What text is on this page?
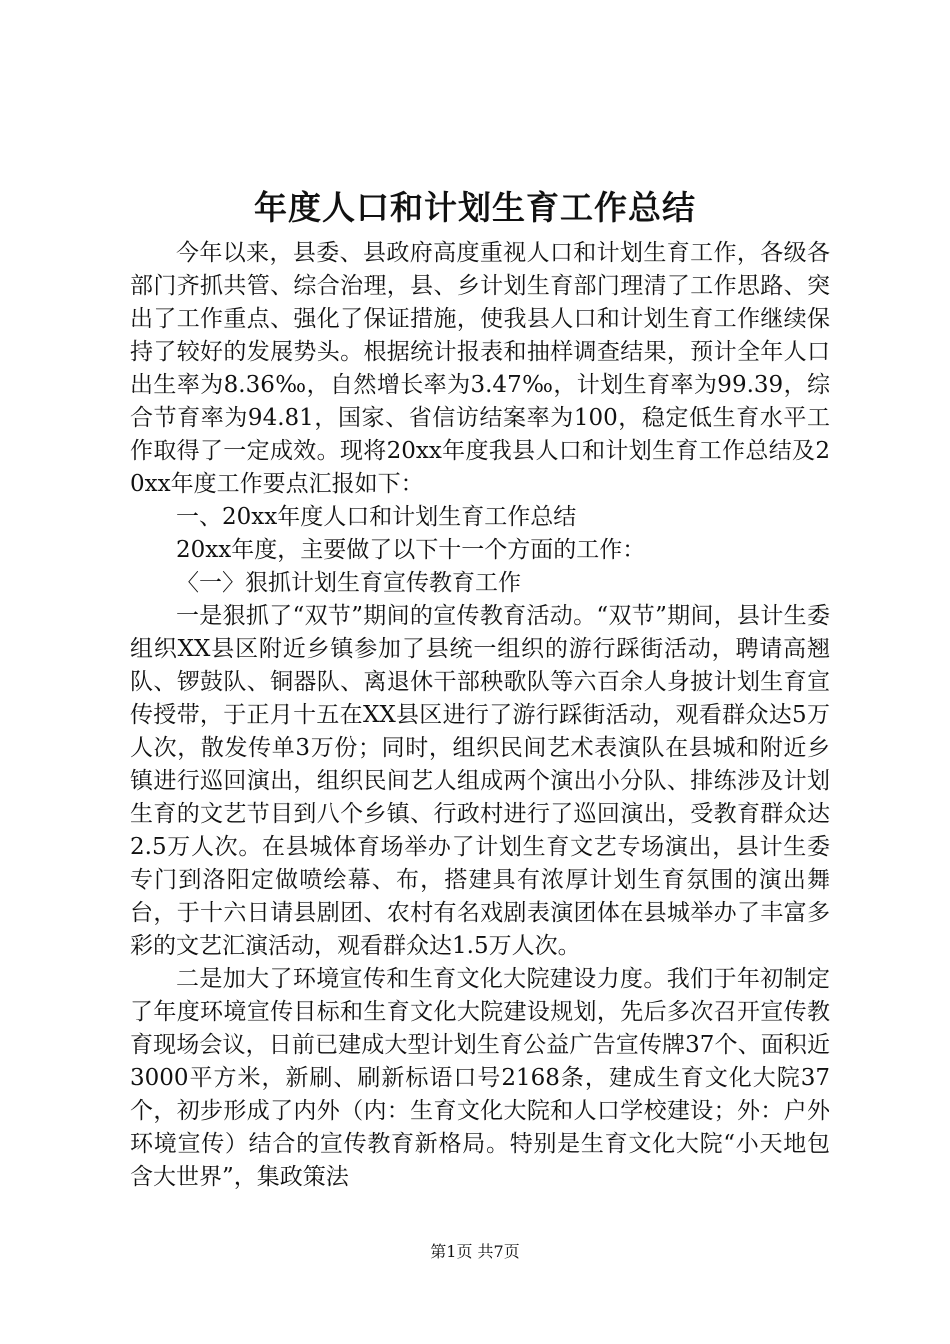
年度人口和计划生育工作总结

今年以来，县委、县政府高度重视人口和计划生育工作，各级各部门齐抓共管、综合治理，县、乡计划生育部门理清了工作思路、突出了工作重点、强化了保证措施，使我县人口和计划生育工作继续保持了较好的发展势头。根据统计报表和抽样调查结果，预计全年人口出生率为8.36‰，自然增长率为3.47‰，计划生育率为99.39，综合节育率为94.81，国家、省信访结案率为100，稳定低生育水平工作取得了一定成效。现将20xx年度我县人口和计划生育工作总结及20xx年度工作要点汇报如下：

一、20xx年度人口和计划生育工作总结

20xx年度，主要做了以下十一个方面的工作：

〈一〉狠抓计划生育宣传教育工作

一是狠抓了“双节”期间的宣传教育活动。“双节”期间，县计生委组织XX县区附近乡镇参加了县统一组织的游行踩街活动，聘请高翘队、锣鼓队、铜器队、离退休干部秧歌队等六百余人身披计划生育宣传授带，于正月十五在XX县区进行了游行踩街活动，观看群众达5万人次，散发传单3万份；同时，组织民间艺术表演队在县城和附近乡镇进行巡回演出，组织民间艺人组成两个演出小分队、排练涉及计划生育的文艺节目到八个乡镇、行政村进行了巡回演出，受教育群众达2.5万人次。在县城体育场举办了计划生育文艺专场演出，县计生委专门到洛阳定做喷绘幕、布，搭建具有浓厚计划生育氛围的演出舞台，于十六日请县剧团、农村有名戏剧表演团体在县城举办了丰富多彩的文艺汇演活动，观看群众达1.5万人次。

二是加大了环境宣传和生育文化大院建设力度。我们于年初制定了年度环境宣传目标和生育文化大院建设规划，先后多次召开宣传教育现场会议，日前已建成大型计划生育公益广告宣传牌37个、面积近3000平方米，新刷、刷新标语口号2168条，建成生育文化大院37个，初步形成了内外（内：生育文化大院和人口学校建设；外：户外环境宣传）结合的宣传教育新格局。特别是生育文化大院“小天地包含大世界”，集政策法

第1页 共7页
